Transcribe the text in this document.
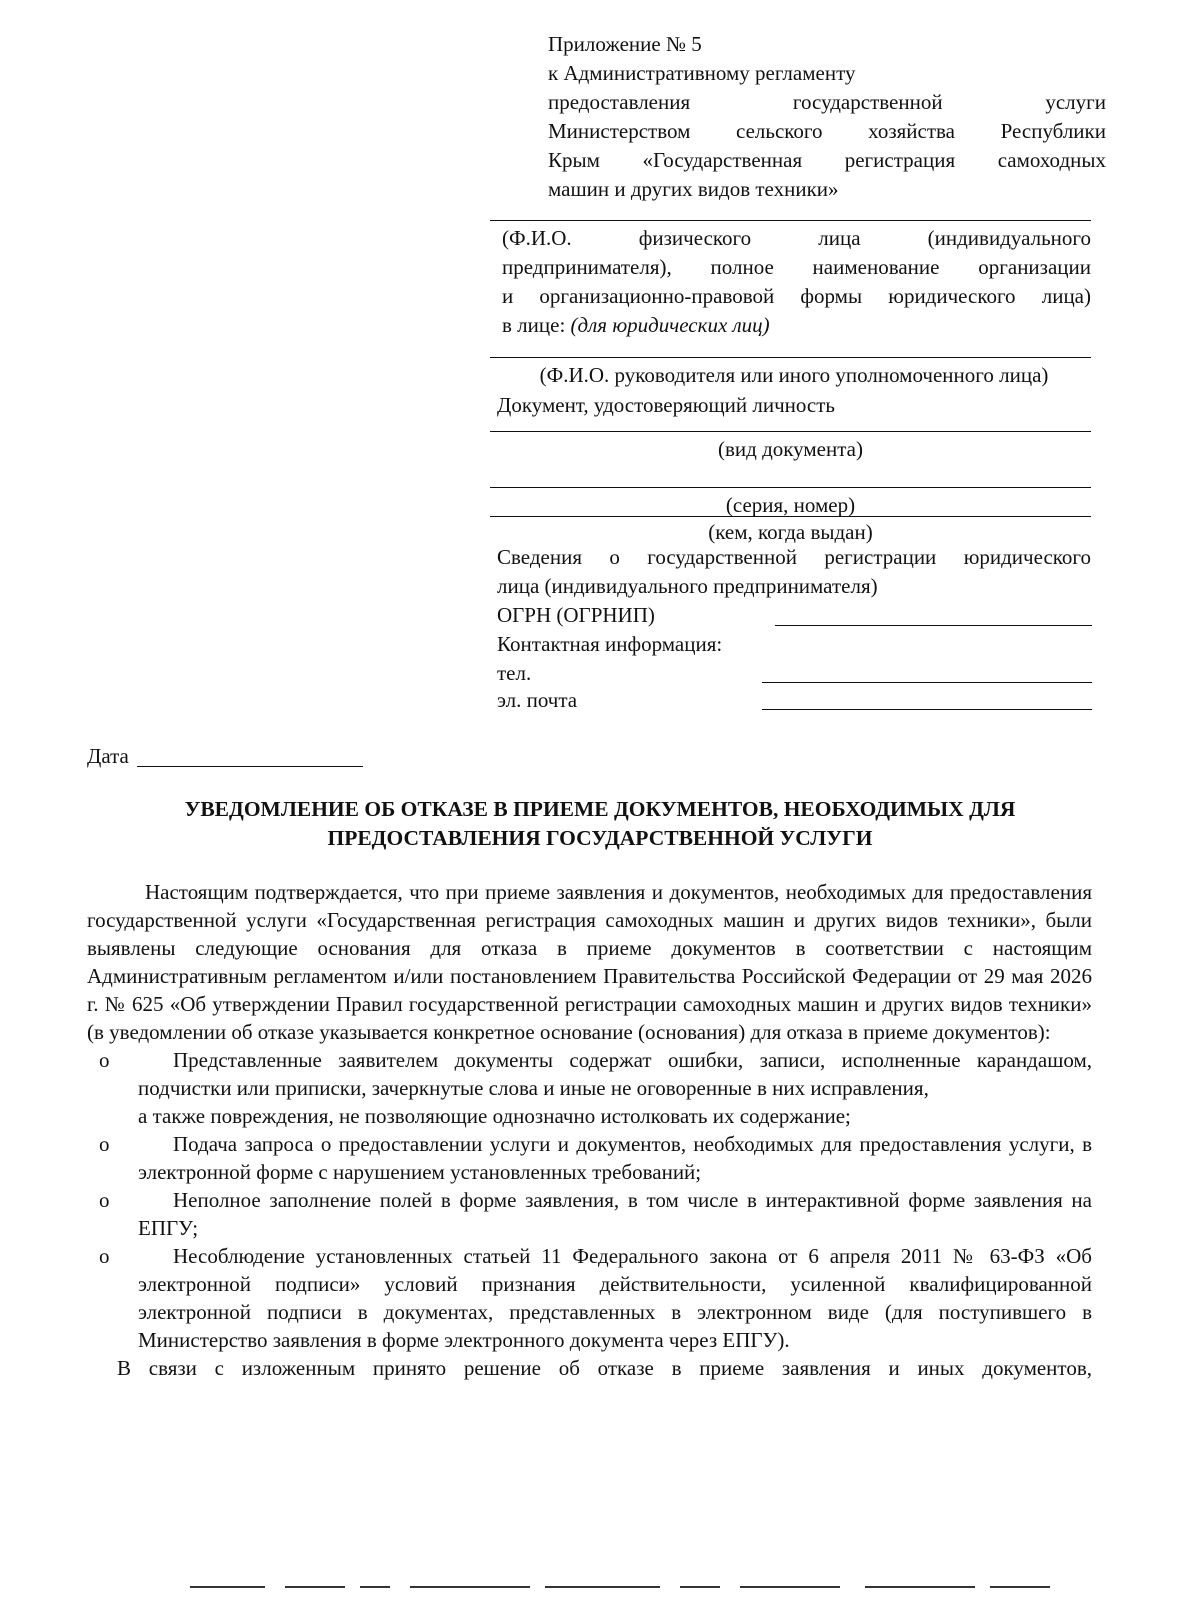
Приложение № 5
к Административному регламенту
предоставления государственной услуги
Министерством сельского хозяйства Республики
Крым «Государственная регистрация самоходных
машин и других видов техники»
(Ф.И.О. физического лица (индивидуального
предпринимателя), полное наименование организации
и организационно-правовой формы юридического лица)
в лице: (для юридических лиц)
(Ф.И.О. руководителя или иного уполномоченного лица)
Документ, удостоверяющий личность
(вид документа)
(серия, номер)
(кем, когда выдан)
Сведения о государственной регистрации юридического
лица (индивидуального предпринимателя)
ОГРН (ОГРНИП)
Контактная информация:
тел.
эл. почта
Дата
УВЕДОМЛЕНИЕ ОБ ОТКАЗЕ В ПРИЕМЕ ДОКУМЕНТОВ, НЕОБХОДИМЫХ ДЛЯ
ПРЕДОСТАВЛЕНИЯ ГОСУДАРСТВЕННОЙ УСЛУГИ

Настоящим подтверждается, что при приеме заявления и документов, необходимых для предоставления государственной услуги «Государственная регистрация самоходных машин и других видов техники», были выявлены следующие основания для отказа в приеме документов в соответствии с настоящим Административным регламентом и/или постановлением Правительства Российской Федерации от 29 мая 2026 г. № 625 «Об утверждении Правил государственной регистрации самоходных машин и других видов техники» (в уведомлении об отказе указывается конкретное основание (основания) для отказа в приеме документов):

o	Представленные заявителем документы содержат ошибки, записи, исполненные карандашом, подчистки или приписки, зачеркнутые слова и иные не оговоренные в них исправления,

а также повреждения, не позволяющие однозначно истолковать их содержание;

o	Подача запроса о предоставлении услуги и документов, необходимых для предоставления услуги, в электронной форме с нарушением установленных требований;

o	Неполное заполнение полей в форме заявления, в том числе в интерактивной форме заявления на ЕПГУ;

o	Несоблюдение установленных статьей 11 Федерального закона от 6 апреля 2011 № 63-ФЗ «Об электронной подписи» условий признания действительности, усиленной квалифицированной электронной подписи в документах, представленных в электронном виде (для поступившего в Министерство заявления в форме электронного документа через ЕПГУ).

В связи с изложенным принято решение об отказе в приеме заявления и иных документов,
